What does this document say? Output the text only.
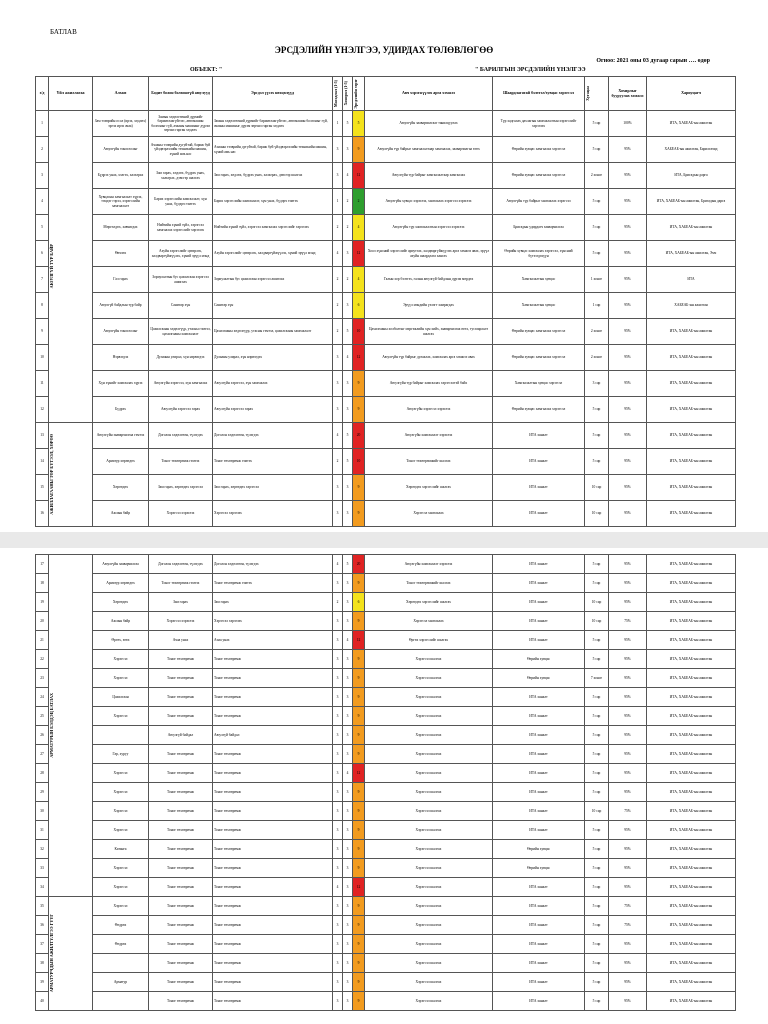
БАТЛАВ
ЭРСДЭЛИЙН ҮНЭЛГЭЭ, УДИРДАХ ТӨЛӨВЛӨГӨӨ
Огноо: 2021 оны 03 дугаар сарын …. өдөр
ОБЪЕКТ: "	" БАРИЛГЫН ЭРСДЭЛИЙН ҮНЭЛГЭЭ
з/д	Үйл ажиллагаа	Алхам	Бодит болон болзошгүй аюулууд	Эрсдэл үүсэх нөхцөлүүд	Магадлал (1-5)	Хохирол (1-5)	Эрсдэлийн зэрэг	Авч хэрэгжүүлэх арга хэмжээ	Шаардлагатай бэлтгэл/хувцас хэрэгсэл	Хугацаа	Хохирлыг бууруулах хэмжээ	Хариуцагч
1	АЮУЛГҮЙ ТҮР БАЙР	Зам тээврийн осол (ирэх, хөдлөх) эргэх ирэх ачаа)	Замын хөдөлгөөний дүрмийг баримтлаагүйгээс, автомашин болгоныг гүй, ачааны машиныг дүрэм зөрчил гарган хөдлөх	Замын хөдөлгөөний дүрмийг баримтлаагүйгээс, автомашин болгоныг гүй, ачааны машиныг дүрэм зөрчил гарган хөдлөх	1	5	5	Аюулгүйн зааварчилгааг танилцуулах	Түр хадгалах дахлагын хамгаалалтын хэрэгслийг хэрэглэх	5 сар	100%	ИТА, ХАБЕАБ-ын ажилтан
2		Аюулгүйн тоноглолыг	Ачааны тээврийн дугуйтай, бариж буй үйлдвэрлэлийн техникийн машин, хүний амь нас	Ачааны тээврийн дугуйтай, бариж буй үйлдвэрлэлийн техникийн машин, хүний амь нас	3	3	9	Аюулгүйн түр байрыг хамгаалалтаар хамгаалах, зааварчилгаа өгөх	Өөрийн хувцас хамгаалах хэрэгсэл	5 сар	95%	ХАБЕАБ-ын ажилтан, Барилгачид
3		Бүдрэх унах, хэлгэх, хальтрах	Зам гарах, хөдлөх, бүдрэх унах, хальтрах, дэвсгэр шалгах	Зам гарах, хөдлөх, бүдрэх унах, хальтрах, дэвсгэр шалгах	3	4	12	Аюулгүйн түр байрыг хамгаалалтаар хамгаалах	Өөрийн хувцас хамгаалах хэрэгсэл	2 хоног	95%	ИТА, Бригадын дарга
4		Хувцасны хамгаалалт хүрэх, тэмдэг гэрэл, хэрэгслийн хамгаалалт	Барих хэрэгслийн хамгаалалт, хүн унах, бүдэрч гэмтэх	Барих хэрэгслийн хамгаалалт, хүн унах, бүдэрч гэмтэх	1	2	2	Аюулгүйн хувцас хэрэглэх, хамгаалах хэрэгсэл хэрэглэх	Аюулгүйн түр байрыг хамгаалах хэрэгсэл	5 сар	95%	ИТА, ХАБЕАБ-ын ажилтан, Бригадын дарга
5		Мөргөлдөх, хавчигдах	Нийтийн хүний зүйл, хэрэгсэл хамгаалах хэрэгслийг хэрэглэх	Нийтийн хүний зүйл, хэрэгсэл хамгаалах хэрэгслийг хэрэглэх	2	2	4	Аюулгүйн түр хамгаалалтын хэрэгсэл хэрэглэх	Бригадын удирдагч зааварчилгаа	5 сар	95%	ИТА, ХАБЕАБ-ын ажилтан
6		Өвчлөх	Ахуйн хэрэгслийг цэвэрлэх, халдваргүйжүүлэх, хүний эрүүл мэнд	Ахуйн хэрэгслийг цэвэрлэх, халдваргүйжүүлэх, хүний эрүүл мэнд	4	3	12	Хоол хүнсний хэрэгслийг ариутгах, халдваргүйжүүлэх арга хэмжээ авах, эрүүл ахуйн шаардлага хангах	Өөрийн хувцас хамгаалах хэрэгсэл, хүнсний бүтээгдэхүүн	5 сар	95%	ИТА, ХАБЕАБ-ын ажилтан, Эмч
7		Гал гарах	Зориулалтын бус цахилгаан хэрэгсэл ашиглах	Зориулалтын бус цахилгаан хэрэгсэл ашиглах	2	2	4	Галын хор бэлтгэх, галын аюулгүй байдлын дүрэм мөрдөх	Хамгаалалтын хувцас	1 хоног	95%	ИТА
8		Аюулгүй байдлын түр байр	Санитар хүн	Санитар хүн	2	3	6	Эрүүл мэндийн үзлэгт хамрагдах	Хамгаалалтын хувцас	1 сар	95%	ХАБЕАБ-ын ажилтан
9		Аюулгүйн тоноглолыг	Цахилгааны хөдөлгүүр, утасны гэмтэл, цахилгааны хамгаалалт	Цахилгааны хөдөлгүүр, утасны гэмтэл, цахилгааны хамгаалалт	2	5	10	Цахилгааны холболтыг мэргэжлийн хүн хийх, зааварчилгаа өгөх, тусгаарлалт шалгах	Өөрийн хувцас хамгаалах хэрэгсэл	2 хоног	95%	ИТА, ХАБЕАБ-ын ажилтан
10		Нэрвэгдэх	Дулааны улирал, хүн нэрвэгдэх	Дулааны улирал, хүн нэрвэгдэх	3	4	12	Аюулгүйн түр байрыг дулаалах, хамгаалах арга хэмжээ авах	Өөрийн хувцас хамгаалах хэрэгсэл	2 хоног	95%	ИТА, ХАБЕАБ-ын ажилтан
11		Хүн хүнийг хамгаалах хүрэх	Аюулгүйн хэрэгсэл, хүн хамгаалах	Аюулгүйн хэрэгсэл, хүн хамгаалах	3	3	9	Аюулгүйн түр байрыг хамгаалах хэрэгсэлтэй байх	Хамгаалалтын хувцас хэрэгсэл	3 сар	95%	ИТА, ХАБЕАБ-ын ажилтан
12		Бүдрэх	Аюулгүйн хэрэгсэл гарах	Аюулгүйн хэрэгсэл гарах	3	3	9	Аюулгүйн хэрэгсэл хэрэглэх	Өөрийн хувцас хамгаалах хэрэгсэл	5 сар	95%	ИТА, ХАБЕАБ-ын ажилтан
13	АЖИЛЛАГААНЫ ТӨР БҮТЭЭЛ, ХӨРӨӨ	Аюулгүйн зааварчилгаа гэмтэх	Доголон хөдөлгөөн, түлэгдэх	Доголон хөдөлгөөн, түлэгдэх	4	5	20	Аюулгүйн хамгаалалт хэрэглэх	ИТА хяналт	5 сар	95%	ИТА, ХАБЕАБ-ын ажилтан
14		Арматур хөрөөдөх	Тоног төхөөрөмж гэмтэх	Тоног төхөөрөмж гэмтэх	2	5	10	Тоног төхөөрөмжийг шалгах	ИТА хяналт	5 сар	95%	ИТА, ХАБЕАБ-ын ажилтан
15		Хөрөөдөх	Зам гарах, хөрөөдөх хэрэгсэл	Зам гарах, хөрөөдөх хэрэгсэл	3	3	9	Хөрөөдөх хэрэгслийг шалгах	ИТА хяналт	10 сар	95%	ИТА, ХАБЕАБ-ын ажилтан
16		Ажлын байр	Хэрэгсэл хэрэглэх	Хэрэгсэл хэрэглэх	3	3	9	Хэрэгсэл хамгаалах	ИТА хяналт	10 сар	95%	ИТА, ХАБЕАБ-ын ажилтан
17	АРМАТУРЫН БЭЛДЭЦ БАТЛАХ	Аюулгүйн зааварчилгаа	Доголон хөдөлгөөн, түлэгдэх	Доголон хөдөлгөөн, түлэгдэх	4	5	20	Аюулгүйн хамгаалалт хэрэглэх	ИТА хяналт	5 сар	95%	ИТА, ХАБЕАБ-ын ажилтан
18		Арматур хөрөөдөх	Тоног төхөөрөмж гэмтэх	Тоног төхөөрөмж гэмтэх	3	3	9	Тоног төхөөрөмжийг шалгах	ИТА хяналт	5 сар	95%	ИТА, ХАБЕАБ-ын ажилтан
19		Хөрөөдөх	Зам гарах	Зам гарах	2	3	6	Хөрөөдөх хэрэгслийг шалгах	ИТА хяналт	10 сар	95%	ИТА, ХАБЕАБ-ын ажилтан
20		Ажлын байр	Хэрэгсэл хэрэглэх	Хэрэгсэл хэрэглэх	3	3	9	Хэрэгсэл хамгаалах	ИТА хяналт	10 сар	75%	ИТА, ХАБЕАБ-ын ажилтан
21		Өргөх, зөөх	Ачаа унах	Ачаа унах	3	4	12	Өргөх хэрэгслийг шалгах	ИТА хяналт	5 сар	95%	ИТА, ХАБЕАБ-ын ажилтан
22		Хэрэгсэл	Тоног төхөөрөмж	Тоног төхөөрөмж	3	3	9	Хэрэгсэл шалгах	Өөрийн хувцас	5 сар	95%	ИТА, ХАБЕАБ-ын ажилтан
23		Хэрэгсэл	Тоног төхөөрөмж	Тоног төхөөрөмж	3	3	9	Хэрэгсэл шалгах	Өөрийн хувцас	7 хоног	95%	ИТА, ХАБЕАБ-ын ажилтан
24		Цахилгаан	Тоног төхөөрөмж	Тоног төхөөрөмж	3	3	9	Хэрэгсэл шалгах	ИТА хяналт	5 сар	95%	ИТА, ХАБЕАБ-ын ажилтан
25		Хэрэгсэл	Тоног төхөөрөмж	Тоног төхөөрөмж	3	3	9	Хэрэгсэл шалгах	ИТА хяналт	5 сар	95%	ИТА, ХАБЕАБ-ын ажилтан
26			Аюулгүй байдал	Аюулгүй байдал	3	3	9	Хэрэгсэл шалгах	ИТА хяналт	5 сар	95%	ИТА, ХАБЕАБ-ын ажилтан
27		Гар, хуруу	Тоног төхөөрөмж	Тоног төхөөрөмж	3	3	9	Хэрэгсэл шалгах	ИТА хяналт	5 сар	95%	ИТА, ХАБЕАБ-ын ажилтан
28		Хэрэгсэл	Тоног төхөөрөмж	Тоног төхөөрөмж	3	4	12	Хэрэгсэл шалгах	ИТА хяналт	5 сар	95%	ИТА, ХАБЕАБ-ын ажилтан
29		Хэрэгсэл	Тоног төхөөрөмж	Тоног төхөөрөмж	3	3	9	Хэрэгсэл шалгах	ИТА хяналт	5 сар	95%	ИТА, ХАБЕАБ-ын ажилтан
30		Хэрэгсэл	Тоног төхөөрөмж	Тоног төхөөрөмж	3	3	9	Хэрэгсэл шалгах	ИТА хяналт	10 сар	75%	ИТА, ХАБЕАБ-ын ажилтан
31		Хэрэгсэл	Тоног төхөөрөмж	Тоног төхөөрөмж	3	3	9	Хэрэгсэл шалгах	ИТА хяналт	5 сар	95%	ИТА, ХАБЕАБ-ын ажилтан
32		Катанга	Тоног төхөөрөмж	Тоног төхөөрөмж	3	3	9	Хэрэгсэл шалгах	Өөрийн хувцас	5 сар	95%	ИТА, ХАБЕАБ-ын ажилтан
33		Хэрэгсэл	Тоног төхөөрөмж	Тоног төхөөрөмж	3	3	9	Хэрэгсэл шалгах	Өөрийн хувцас	5 сар	95%	ИТА, ХАБЕАБ-ын ажилтан
34		Хэрэгсэл	Тоног төхөөрөмж	Тоног төхөөрөмж	4	3	12	Хэрэгсэл шалгах	ИТА хяналт	5 сар	95%	ИТА, ХАБЕАБ-ын ажилтан
35	АРМАТУРЧДЫН АЖИЛТҮЛГЭЭ ГҮҮГ	Хэрэгсэл	Тоног төхөөрөмж	Тоног төхөөрөмж	3	3	9	Хэрэгсэл шалгах	ИТА хяналт	5 сар	75%	ИТА, ХАБЕАБ-ын ажилтан
36		Өөдрөх	Тоног төхөөрөмж	Тоног төхөөрөмж	3	3	9	Хэрэгсэл шалгах	ИТА хяналт	5 сар	75%	ИТА, ХАБЕАБ-ын ажилтан
37		Өөдрөх	Тоног төхөөрөмж	Тоног төхөөрөмж	3	3	9	Хэрэгсэл шалгах	ИТА хяналт	5 сар	95%	ИТА, ХАБЕАБ-ын ажилтан
38			Тоног төхөөрөмж	Тоног төхөөрөмж	3	3	9	Хэрэгсэл шалгах	ИТА хяналт	5 сар	95%	ИТА, ХАБЕАБ-ын ажилтан
39		Арматур	Тоног төхөөрөмж	Тоног төхөөрөмж	3	3	9	Хэрэгсэл шалгах	ИТА хяналт	5 сар	95%	ИТА, ХАБЕАБ-ын ажилтан
40			Тоног төхөөрөмж	Тоног төхөөрөмж	3	3	9	Хэрэгсэл шалгах	ИТА хяналт	5 сар	95%	ИТА, ХАБЕАБ-ын ажилтан
